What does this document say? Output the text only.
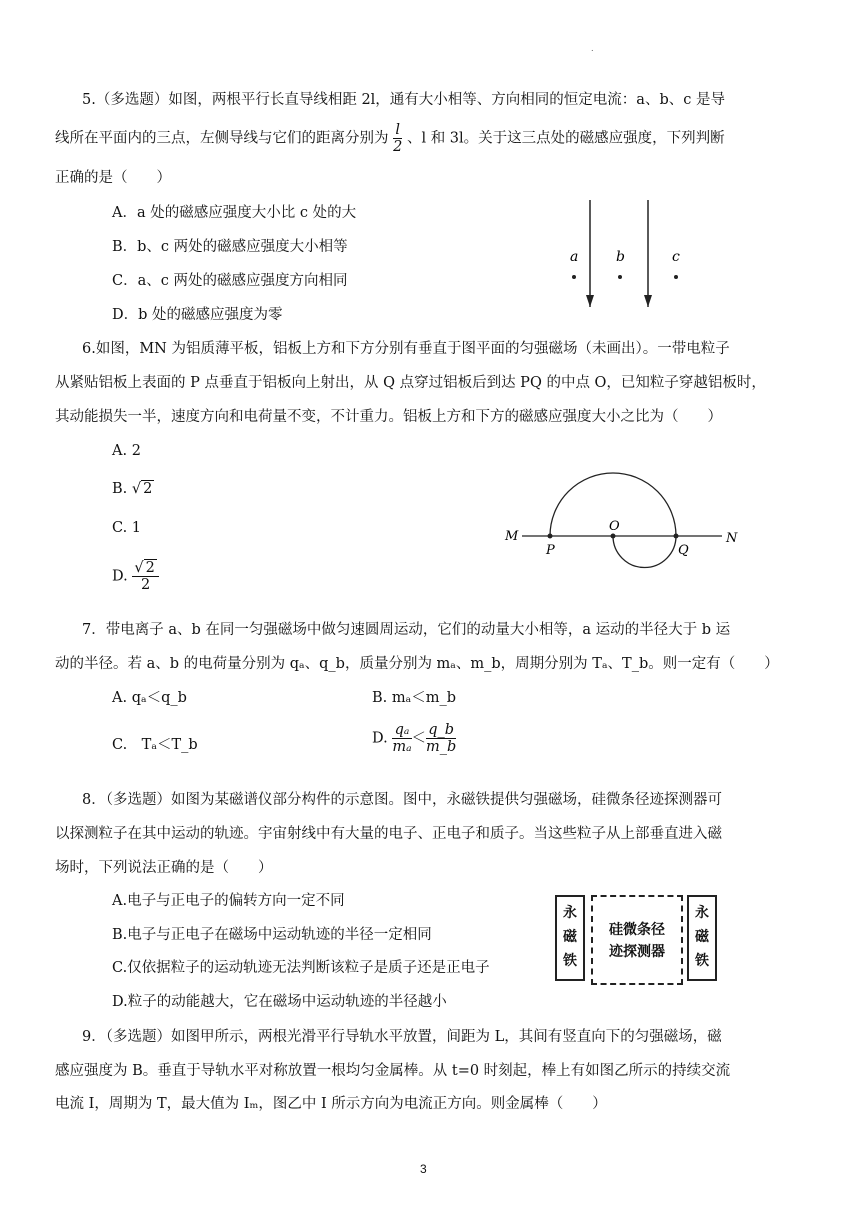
.
5.（多选题）如图，两根平行长直导线相距 2l，通有大小相等、方向相同的恒定电流：a、b、c 是导
线所在平面内的三点，左侧导线与它们的距离分别为 $\frac{l}{2}$ 、l 和 3l。关于这三点处的磁感应强度，下列判断
正确的是（　　）
A．a 处的磁感应强度大小比 c 处的大
B．b、c 两处的磁感应强度大小相等
C．a、c 两处的磁感应强度方向相同
D．b 处的磁感应强度为零
a	b	c
6.如图，MN 为铝质薄平板，铝板上方和下方分别有垂直于图平面的匀强磁场（未画出）。一带电粒子
从紧贴铝板上表面的 P 点垂直于铝板向上射出，从 Q 点穿过铝板后到达 PQ 的中点 O，已知粒子穿越铝板时，
其动能损失一半，速度方向和电荷量不变，不计重力。铝板上方和下方的磁感应强度大小之比为（　　）
A. 2
B. √ 2
C. 1
D. $\frac{√ 2}{2}$
M	N
P
O
Q
7．带电离子 a、b 在同一匀强磁场中做匀速圆周运动，它们的动量大小相等，a 运动的半径大于 b 运
动的半径。若 a、b 的电荷量分别为 qₐ、q_b，质量分别为 mₐ、m_b，周期分别为 Tₐ、T_b。则一定有（　　）
A. qₐ＜q_b	B. mₐ＜m_b
C.　Tₐ＜T_b	D. $\frac{\text{qₐ}}{\text{mₐ}} < \frac{q\_b}{m\_b}$
8．（多选题）如图为某磁谱仪部分构件的示意图。图中，永磁铁提供匀强磁场，硅微条径迹探测器可
以探测粒子在其中运动的轨迹。宇宙射线中有大量的电子、正电子和质子。当这些粒子从上部垂直进入磁
场时，下列说法正确的是（　　）
A.电子与正电子的偏转方向一定不同
B.电子与正电子在磁场中运动轨迹的半径一定相同
C.仅依据粒子的运动轨迹无法判断该粒子是质子还是正电子
D.粒子的动能越大，它在磁场中运动轨迹的半径越小
永
磁
铁
硅微条径
迹探测器
永
磁
铁
9．（多选题）如图甲所示，两根光滑平行导轨水平放置，间距为 L，其间有竖直向下的匀强磁场，磁
感应强度为 B。垂直于导轨水平对称放置一根均匀金属棒。从 t=0 时刻起，棒上有如图乙所示的持续交流
电流 I，周期为 T，最大值为 Iₘ，图乙中 I 所示方向为电流正方向。则金属棒（　　）
3
